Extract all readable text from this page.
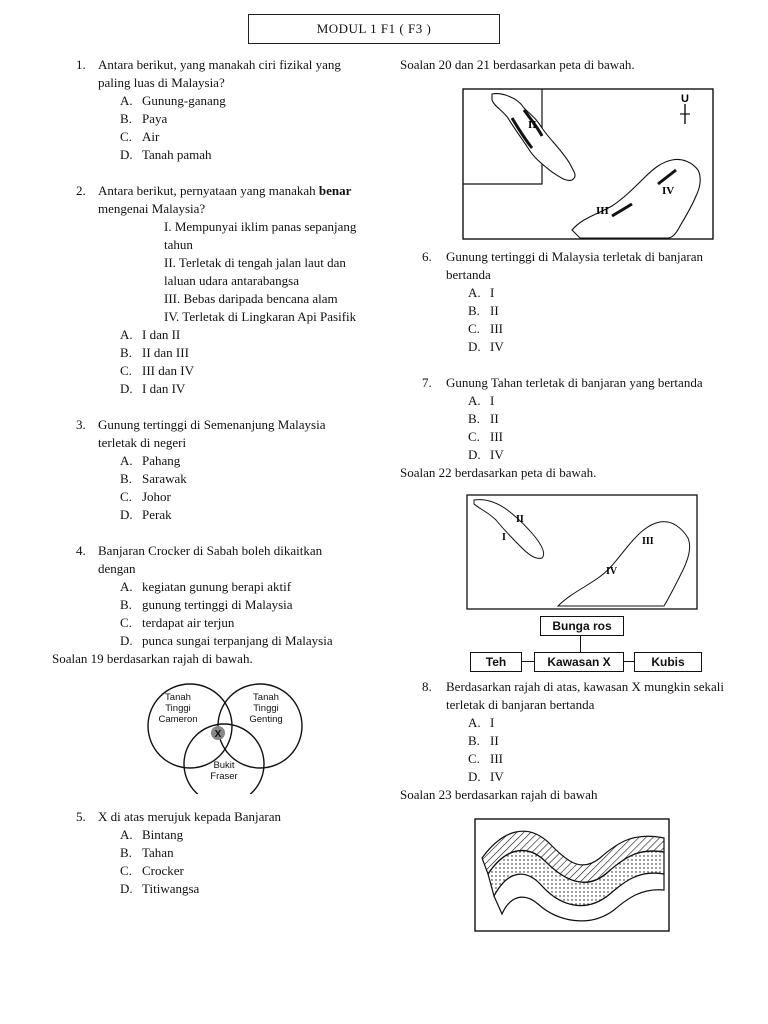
MODUL 1 F1 ( F3 )
1. Antara berikut, yang manakah ciri fizikal yang paling luas di Malaysia?
A. Gunung-ganang
B. Paya
C. Air
D. Tanah pamah
2. Antara berikut, pernyataan yang manakah benar mengenai Malaysia?
I. Mempunyai iklim panas sepanjang tahun
II. Terletak di tengah jalan laut dan laluan udara antarabangsa
III. Bebas daripada bencana alam
IV. Terletak di Lingkaran Api Pasifik
A. I dan II
B. II dan III
C. III dan IV
D. I dan IV
3. Gunung tertinggi di Semenanjung Malaysia terletak di negeri
A. Pahang
B. Sarawak
C. Johor
D. Perak
4. Banjaran Crocker di Sabah boleh dikaitkan dengan
A. kegiatan gunung berapi aktif
B. gunung tertinggi di Malaysia
C. terdapat air terjun
D. punca sungai terpanjang di Malaysia
Soalan 19 berdasarkan rajah di bawah.
Tanah
Tinggi
Cameron
Tanah
Tinggi
Genting
Bukit
Fraser
X
5. X di atas merujuk kepada Banjaran
A. Bintang
B. Tahan
C. Crocker
D. Titiwangsa
Soalan 20 dan 21 berdasarkan peta di bawah.
II
IV
III
U
6. Gunung tertinggi di Malaysia terletak di banjaran bertanda
A. I
B. II
C. III
D. IV
7. Gunung Tahan terletak di banjaran yang bertanda
A. I
B. II
C. III
D. IV
Soalan 22 berdasarkan peta di bawah.
II
I	III
IV
Bunga ros
Teh	Kawasan X	Kubis
8. Berdasarkan rajah di atas, kawasan X mungkin sekali terletak di banjaran bertanda
A. I
B. II
C. III
D. IV
Soalan 23 berdasarkan rajah di bawah
